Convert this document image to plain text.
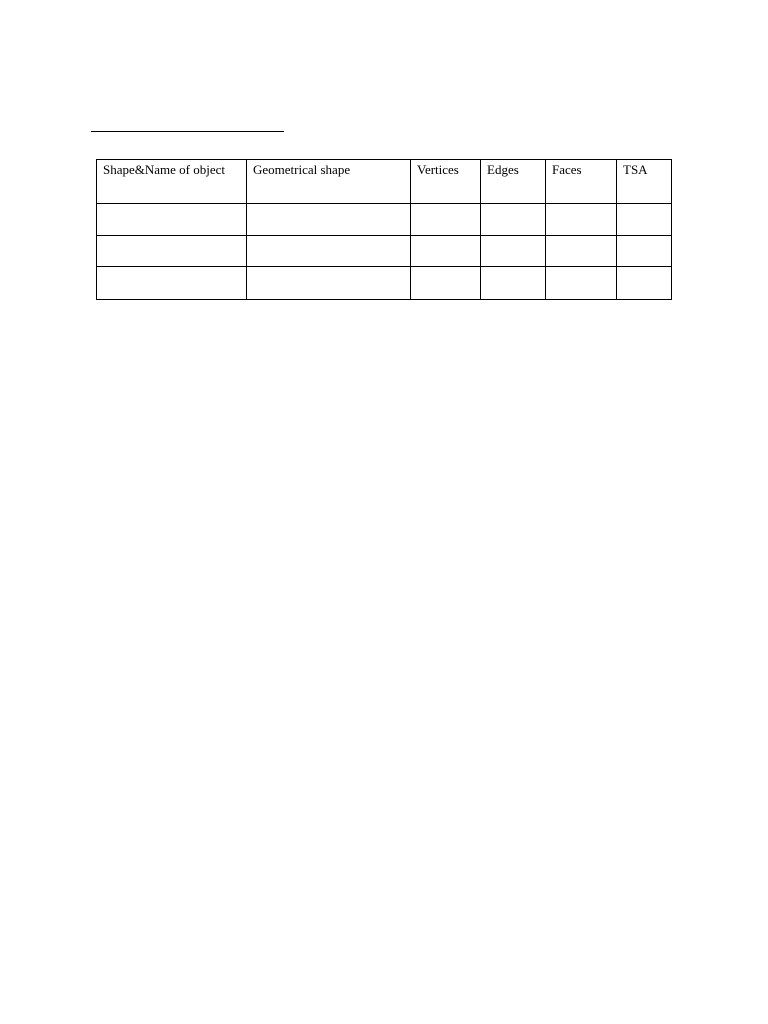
Shape&Name of object	Geometrical shape	Vertices	Edges	Faces	TSA
